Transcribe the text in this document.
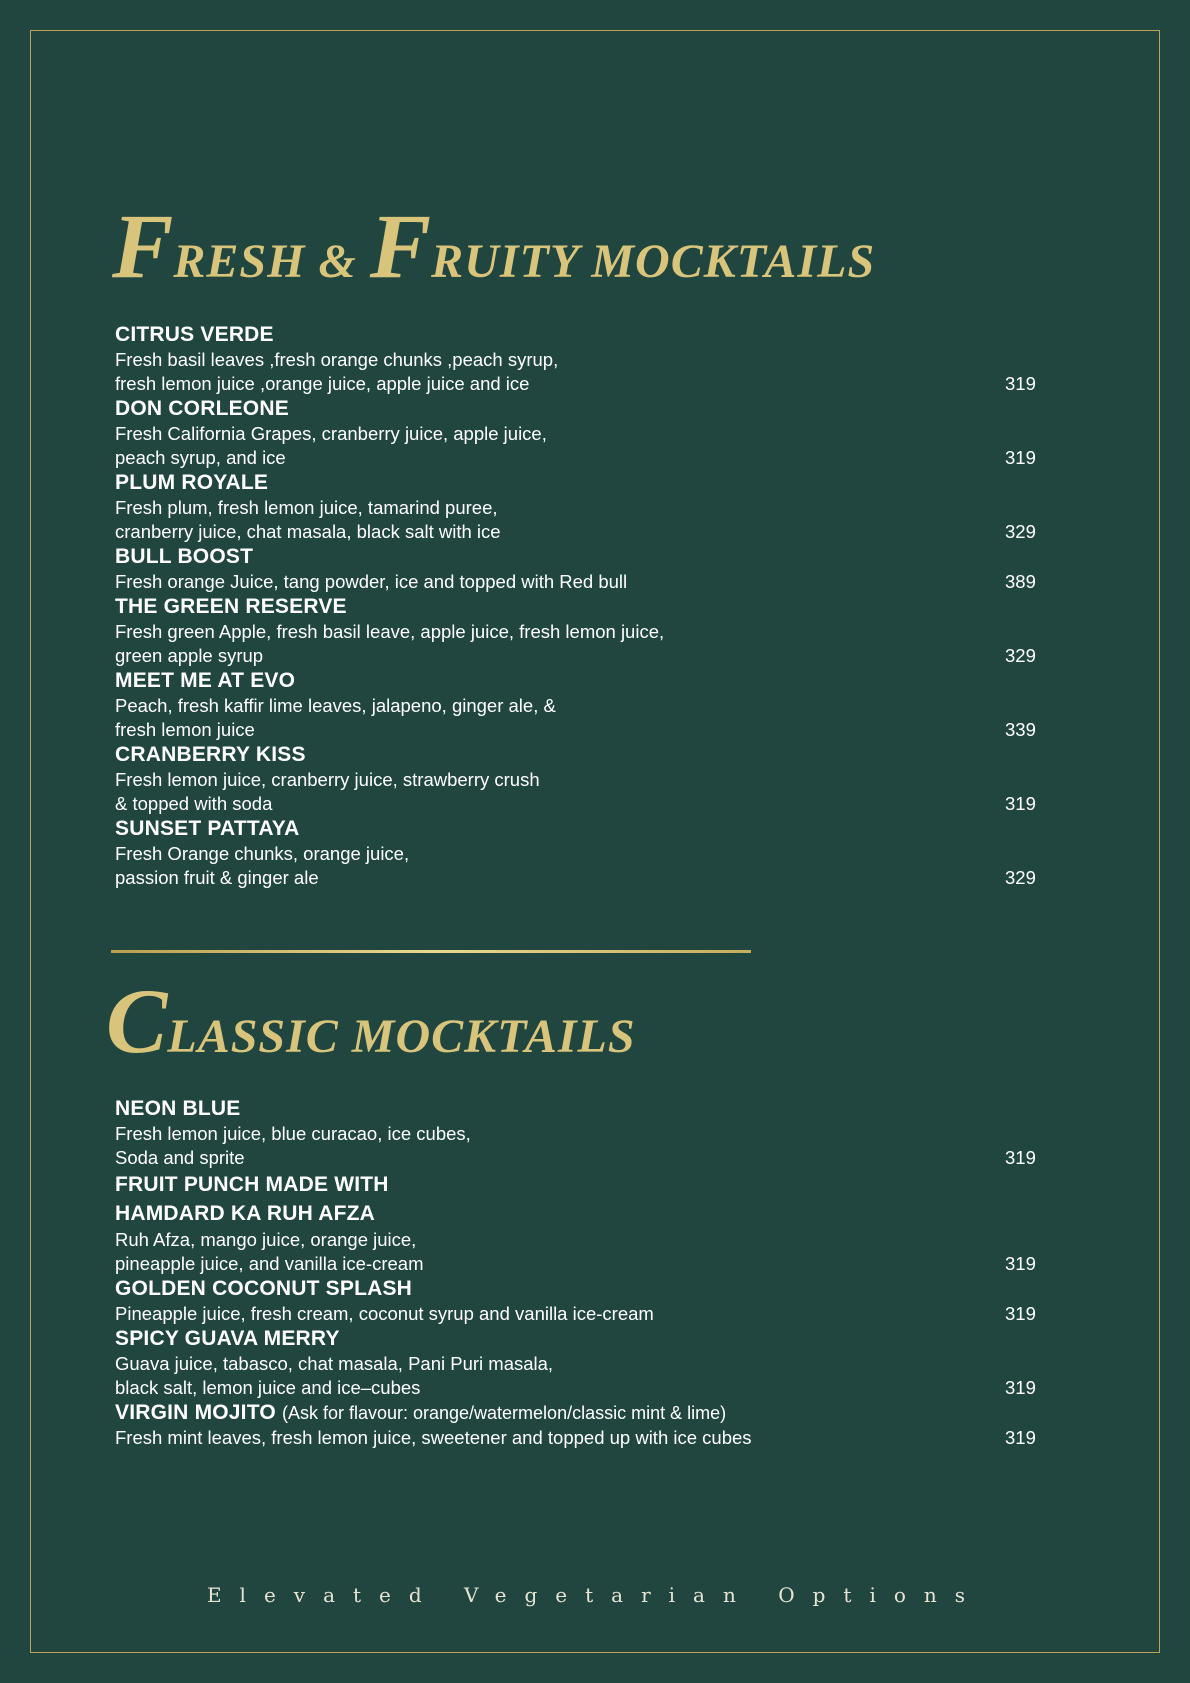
FRESH & FRUITY MOCKTAILS
CITRUS VERDE
Fresh basil leaves ,fresh orange chunks ,peach syrup,
fresh lemon juice ,orange juice, apple juice and ice	319
DON CORLEONE
Fresh California Grapes, cranberry juice, apple juice,
peach syrup, and ice	319
PLUM ROYALE
Fresh plum, fresh lemon juice, tamarind puree,
cranberry juice, chat masala, black salt with ice	329
BULL BOOST
Fresh orange Juice, tang powder, ice and topped with Red bull	389
THE GREEN RESERVE
Fresh green Apple, fresh basil leave, apple juice, fresh lemon juice,
green apple syrup	329
MEET ME AT EVO
Peach, fresh kaffir lime leaves, jalapeno, ginger ale, &
fresh lemon juice	339
CRANBERRY KISS
Fresh lemon juice, cranberry juice, strawberry crush
& topped with soda	319
SUNSET PATTAYA
Fresh Orange chunks, orange juice,
passion fruit & ginger ale	329
CLASSIC MOCKTAILS
NEON BLUE
Fresh lemon juice, blue curacao, ice cubes,
Soda and sprite	319
FRUIT PUNCH MADE WITH
HAMDARD KA RUH AFZA
Ruh Afza, mango juice, orange juice,
pineapple juice, and vanilla ice-cream	319
GOLDEN COCONUT SPLASH
Pineapple juice, fresh cream, coconut syrup and vanilla ice-cream	319
SPICY GUAVA MERRY
Guava juice, tabasco, chat masala, Pani Puri masala,
black salt, lemon juice and ice–cubes	319
VIRGIN MOJITO (Ask for flavour: orange/watermelon/classic mint & lime)
Fresh mint leaves, fresh lemon juice, sweetener and topped up with ice cubes	319
Elevated Vegetarian Options
